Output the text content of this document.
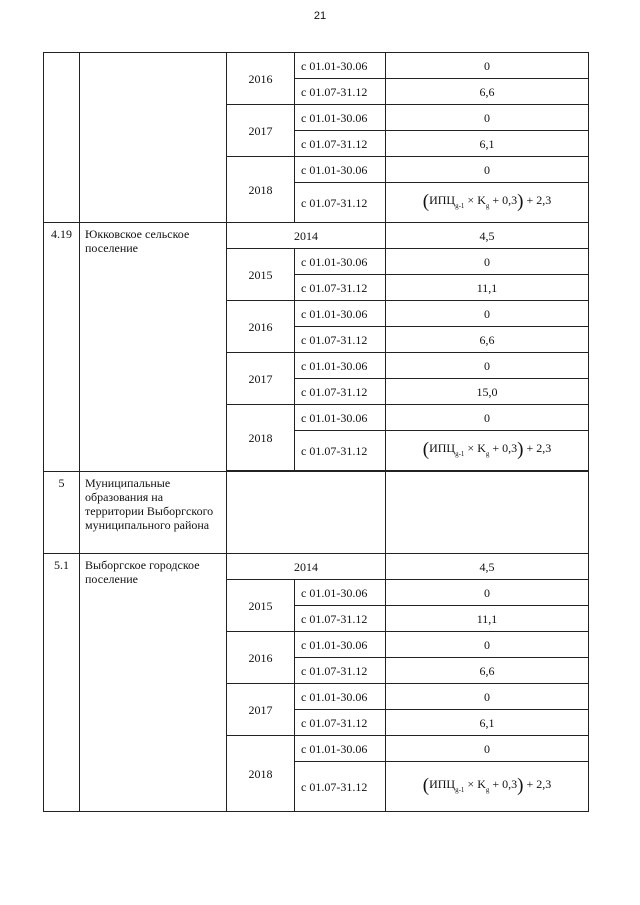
21
		2016	с 01.01-30.06	0
			с 01.07-31.12	6,6
		2017	с 01.01-30.06	0
			с 01.07-31.12	6,1
		2018	с 01.01-30.06	0
			с 01.07-31.12	$(ИПЦ_{g-1} \times K_g + 0,3) + 2,3$
4.19	Юкковское сельское поселение	2014		4,5
		2015	с 01.01-30.06	0
			с 01.07-31.12	11,1
		2016	с 01.01-30.06	0
			с 01.07-31.12	6,6
		2017	с 01.01-30.06	0
			с 01.07-31.12	15,0
		2018	с 01.01-30.06	0
			с 01.07-31.12	$(ИПЦ_{g-1} \times K_g + 0,3) + 2,3$

5	Муниципальные образования на территории Выборгского муниципального района			
5.1	Выборгское городское поселение	2014		4,5
		2015	с 01.01-30.06	0
			с 01.07-31.12	11,1
		2016	с 01.01-30.06	0
			с 01.07-31.12	6,6
		2017	с 01.01-30.06	0
			с 01.07-31.12	6,1
		2018	с 01.01-30.06	0
			с 01.07-31.12	$(ИПЦ_{g-1} \times K_g + 0,3) + 2,3$
